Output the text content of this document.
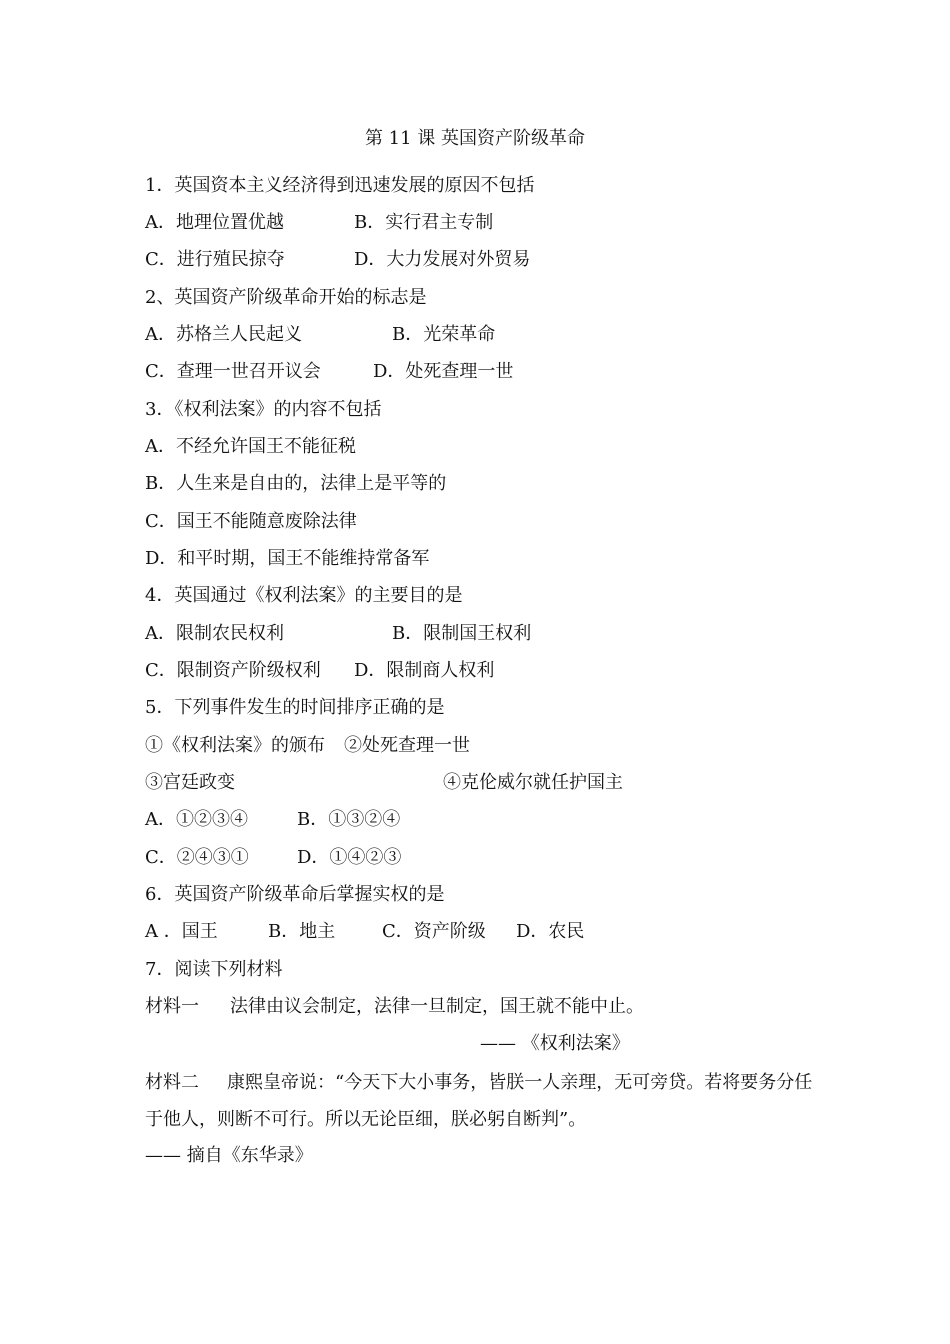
第 11 课 英国资产阶级革命
1．英国资本主义经济得到迅速发展的原因不包括
A．地理位置优越	B．实行君主专制
C．进行殖民掠夺	D．大力发展对外贸易
2、英国资产阶级革命开始的标志是
A．苏格兰人民起义	B．光荣革命
C．查理一世召开议会	D．处死查理一世
3．《权利法案》的内容不包括
A．不经允许国王不能征税
B．人生来是自由的，法律上是平等的
C．国王不能随意废除法律
D．和平时期，国王不能维持常备军
4．英国通过《权利法案》的主要目的是
A．限制农民权利	B．限制国王权利
C．限制资产阶级权利 D．限制商人权利
5．下列事件发生的时间排序正确的是
①《权利法案》的颁布 ②处死查理一世
③宫廷政变	④克伦威尔就任护国主
A．①②③④	B．①③②④
C．②④③①	D．①④②③
6．英国资产阶级革命后掌握实权的是
A ．国王	B．地主	C．资产阶级 D．农民
7．阅读下列材料
材料一 法律由议会制定，法律一旦制定，国王就不能中止。
—— 《权利法案》
材料二 康熙皇帝说：“今天下大小事务，皆朕一人亲理，无可旁贷。若将要务分任于他人，则断不可行。所以无论臣细，朕必躬自断判”。
—— 摘自《东华录》
